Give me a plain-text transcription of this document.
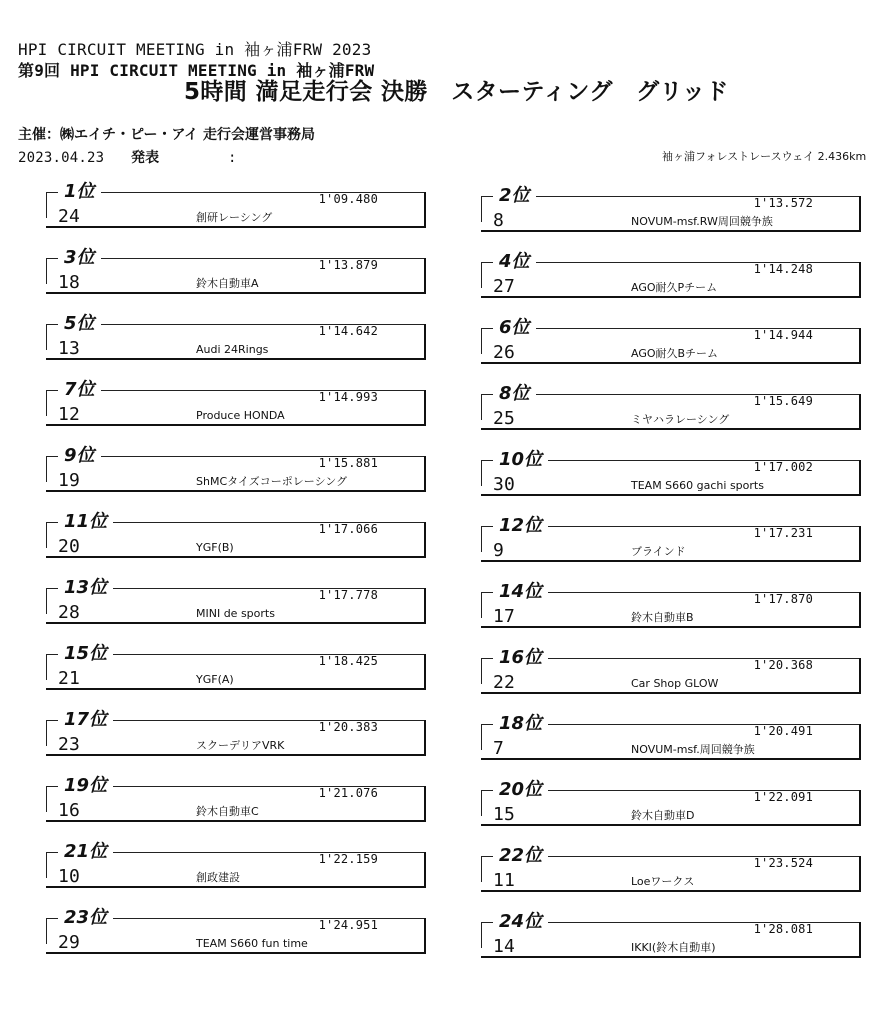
HPI CIRCUIT MEETING in 袖ヶ浦FRW 2023
第9回 HPI CIRCUIT MEETING in 袖ヶ浦FRW
5時間 満足走行会 決勝　スターティング　グリッド
主催：㈱エイチ・ピー・アイ 走行会運営事務局
2023.04.23 発表	:	袖ヶ浦フォレストレースウェイ 2.436km
1位
24
1'09.480
創研レーシング
2位
8
1'13.572
NOVUM-msf.RW周回競争族
3位
18
1'13.879
鈴木自動車A
4位
27
1'14.248
AGO耐久Pチーム
5位
13
1'14.642
Audi 24Rings
6位
26
1'14.944
AGO耐久Bチーム
7位
12
1'14.993
Produce HONDA
8位
25
1'15.649
ミヤハラレーシング
9位
19
1'15.881
ShMCタイズコーポレーシング
10位
30
1'17.002
TEAM S660 gachi sports
11位
20
1'17.066
YGF(B)
12位
9
1'17.231
ブラインド
13位
28
1'17.778
MINI de sports
14位
17
1'17.870
鈴木自動車B
15位
21
1'18.425
YGF(A)
16位
22
1'20.368
Car Shop GLOW
17位
23
1'20.383
スクーデリアVRK
18位
7
1'20.491
NOVUM-msf.周回競争族
19位
16
1'21.076
鈴木自動車C
20位
15
1'22.091
鈴木自動車D
21位
10
1'22.159
創政建設
22位
11
1'23.524
Loeワークス
23位
29
1'24.951
TEAM S660 fun time
24位
14
1'28.081
IKKI(鈴木自動車)
